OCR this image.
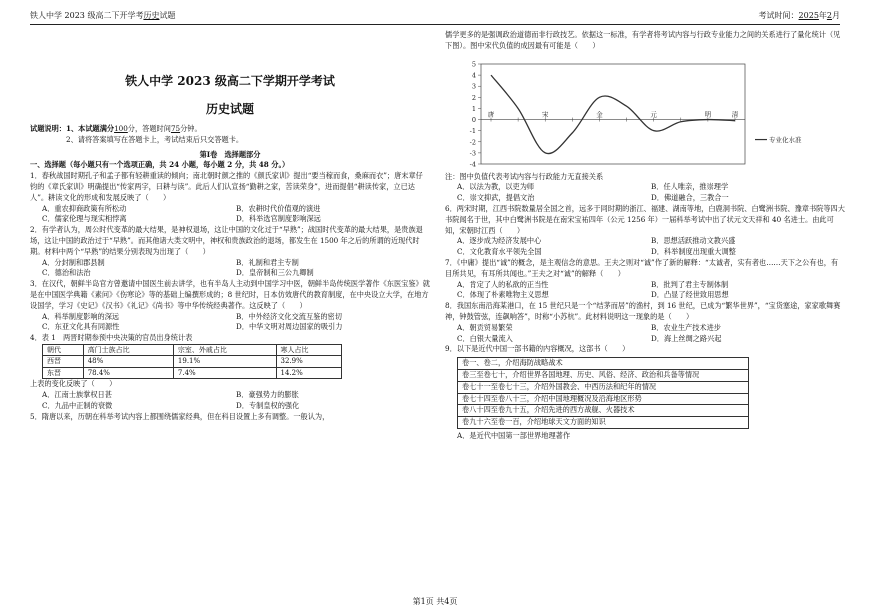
铁人中学 2023 级高二下开学考历史试题	考试时间：2025年2月
铁人中学 2023 级高二下学期开学考试
历史试题

试题说明：1、本试题满分100分，答题时间75分钟。

2、请将答案填写在答题卡上，考试结束后只交答题卡。

第Ⅰ卷　选择题部分

一、选择题（每小题只有一个选项正确，共 24 小题，每小题 2 分，共 48 分。）

1．春秋战国时期孔子和孟子都有轻耕重读的倾向；南北朝时颜之推的《颜氏家训》提出“要当稼而食，桑麻而衣”；唐末章仔钧的《章氏家训》明确提出“传家两字，曰耕与读”。此后人们认宣扬“勤耕之家，苦读荣身”，进而提倡“耕读传家，立已达人”。耕读文化的形成和发展反映了（　　）

A．重农抑商政策有所松动	B．农耕时代价值观的演进
C．儒家伦理与现实相悖离	D．科举选官制度影响深远

2．有学者认为，周公时代变革的最大结果，是神权退场，这让中国的文化过于“早熟”；战国时代变革的最大结果，是贵族退场，这让中国的政治过于“早熟”。而其他诸大类文明中，神权和贵族政治的退场，都发生在 1500 年之后的所谓的近现代时期。材料中两个“早熟”的结果分别表现为出现了（　　）

A．分封制和郡县制	B．礼制和君主专制
C．德治和法治	D．皇帝制和三公九卿制

3．在汉代，朝鲜半岛官方曾邀请中国医生前去讲学，也有半岛人主动到中国学习中医，朝鲜半岛传统医学著作《东医宝鉴》就是在中国医学典籍《素问》《伤寒论》等的基础上编撰形成的；8 世纪时，日本仿效唐代的教育制度，在中央设立大学，在地方设国学，学习《史记》《汉书》《礼记》《尚书》等中华传统经典著作。这反映了（　　）

A．科举制度影响的深远	B．中外经济文化交流互鉴的密切
C．东亚文化具有同源性	D．中华文明对周边国家的吸引力

4．表 1　两晋时期参预中央决策的官员出身统计表

朝代	高门士族占比	宗室、外戚占比	寒人占比
西晋	48%	19.1%	32.9%
东晋	78.4%	7.4%	14.2%

上表的变化反映了（　　）

A．江南士族掌权日甚	B．豪强势力的膨胀
C．九品中正制的衰微	D．专制皇权的强化

5．隋唐以来，历朝在科举考试内容上都围绕儒家经典，但在科目设置上多有调整。一般认为，

儒学更多的是强调政治道德而非行政技艺。依据这一标准，有学者将考试内容与行政专业能力之间的关系进行了量化统计（见下图）。图中宋代负值的成因最有可能是（　　）

-4
-3
-2
-1
0
1
2
3
4
5
唐	宋	金	元	明	清
专业化水准

注：图中负值代表考试内容与行政能力无直接关系

A．以法为教，以吏为师	B．任人唯亲，推崇理学
C．崇文抑武，提倡文治	D．佛道融合，三教合一

6．两宋时期，江西书院数量居全国之首，远多于同时期的浙江、福建、湖南等地，白鹿洞书院、白鹭洲书院、豫章书院等四大书院闻名于世，其中白鹭洲书院是在南宋宝祐四年（公元 1256 年）一届科举考试中出了状元文天祥和 40 名进士。由此可知，宋朝时江西（　　）

A．逐步成为经济发展中心	B．思想活跃推动文教兴盛
C．文化教育水平领先全国	D．科举制度出现重大调整

7．《中庸》提出“诚”的概念，是主观信念的意思。王夫之则对“诚”作了新的解释：“太诚者，实有者也……天下之公有也，有目所共见，有耳所共闻也。”王夫之对“诚”的解释（　　）

A．肯定了人的私欲的正当性	B．批判了君主专制体制
C．体现了朴素唯物主义思想	D．凸显了经世致用思想

8．我国东南沿海某港口，在 15 世纪只是一个“结茅而居”的渔村，到 16 世纪，已成为“繁华世界”，“宝货塞途，家家歌舞赛神，钟鼓管弦，连飙响答”，时称“小苏杭”。此材料说明这一现象的是（　　）

A．朝贡贸易繁荣	B．农业生产技术进步
C．白银大量流入	D．海上丝绸之路兴起

9．以下是近代中国一部书籍的内容概况，这部书（　　）

卷一、卷二，介绍海防战略战术
卷三至卷七十，介绍世界各国地理、历史、风俗、经济、政治和兵备等情况
卷七十一至卷七十三，介绍外国教会、中西历法和纪年的情况
卷七十四至卷八十三，介绍中国地理概况及沿海地区形势
卷八十四至卷九十五，介绍先进的西方战舰、火器技术
卷九十六至卷一百，介绍地球天文方面的知识

A．是近代中国第一部世界地理著作

第1页 共4页
